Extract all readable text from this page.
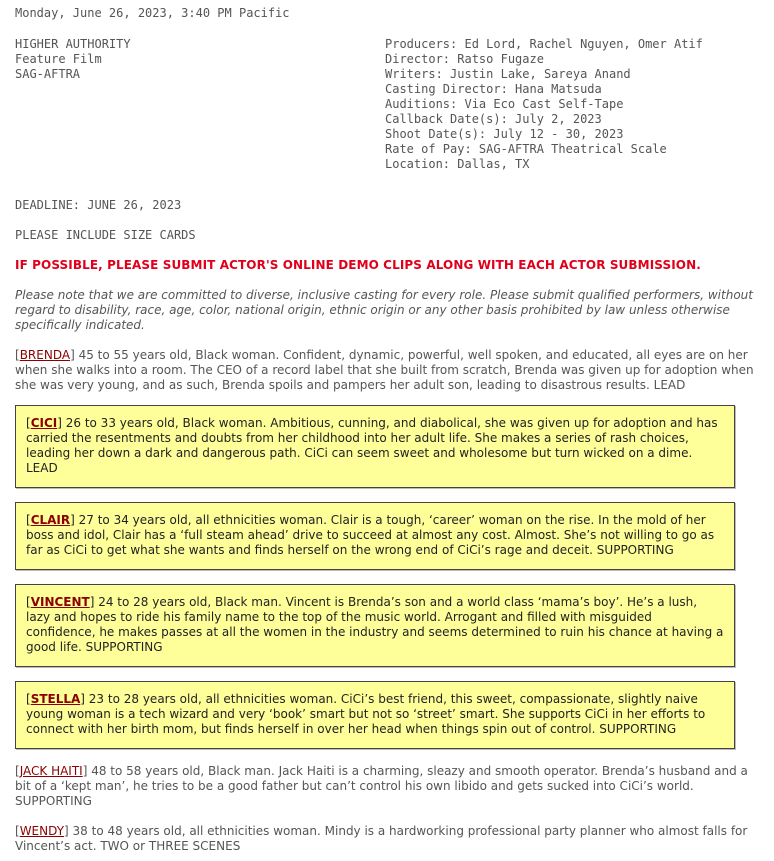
Monday, June 26, 2023, 3:40 PM Pacific
HIGHER AUTHORITY
Feature Film
SAG-AFTRA
Producers: Ed Lord, Rachel Nguyen, Omer Atif
Director: Ratso Fugaze
Writers: Justin Lake, Sareya Anand
Casting Director: Hana Matsuda
Auditions: Via Eco Cast Self-Tape
Callback Date(s): July 2, 2023
Shoot Date(s): July 12 - 30, 2023
Rate of Pay: SAG-AFTRA Theatrical Scale
Location: Dallas, TX
DEADLINE: JUNE 26, 2023
PLEASE INCLUDE SIZE CARDS
IF POSSIBLE, PLEASE SUBMIT ACTOR'S ONLINE DEMO CLIPS ALONG WITH EACH ACTOR SUBMISSION.
Please note that we are committed to diverse, inclusive casting for every role. Please submit qualified performers, without regard to disability, race, age, color, national origin, ethnic origin or any other basis prohibited by law unless otherwise specifically indicated.
[BRENDA] 45 to 55 years old, Black woman. Confident, dynamic, powerful, well spoken, and educated, all eyes are on her when she walks into a room. The CEO of a record label that she built from scratch, Brenda was given up for adoption when she was very young, and as such, Brenda spoils and pampers her adult son, leading to disastrous results. LEAD
[CICI] 26 to 33 years old, Black woman. Ambitious, cunning, and diabolical, she was given up for adoption and has carried the resentments and doubts from her childhood into her adult life. She makes a series of rash choices, leading her down a dark and dangerous path. CiCi can seem sweet and wholesome but turn wicked on a dime. LEAD
[CLAIR] 27 to 34 years old, all ethnicities woman. Clair is a tough, ‘career’ woman on the rise. In the mold of her boss and idol, Clair has a ‘full steam ahead’ drive to succeed at almost any cost. Almost. She’s not willing to go as far as CiCi to get what she wants and finds herself on the wrong end of CiCi’s rage and deceit. SUPPORTING
[VINCENT] 24 to 28 years old, Black man. Vincent is Brenda’s son and a world class ‘mama’s boy’. He’s a lush, lazy and hopes to ride his family name to the top of the music world. Arrogant and filled with misguided confidence, he makes passes at all the women in the industry and seems determined to ruin his chance at having a good life. SUPPORTING
[STELLA] 23 to 28 years old, all ethnicities woman. CiCi’s best friend, this sweet, compassionate, slightly naive young woman is a tech wizard and very ‘book’ smart but not so ‘street’ smart. She supports CiCi in her efforts to connect with her birth mom, but finds herself in over her head when things spin out of control. SUPPORTING
[JACK HAITI] 48 to 58 years old, Black man. Jack Haiti is a charming, sleazy and smooth operator. Brenda’s husband and a bit of a ‘kept man’, he tries to be a good father but can’t control his own libido and gets sucked into CiCi’s world. SUPPORTING
[WENDY] 38 to 48 years old, all ethnicities woman. Mindy is a hardworking professional party planner who almost falls for Vincent’s act. TWO or THREE SCENES
